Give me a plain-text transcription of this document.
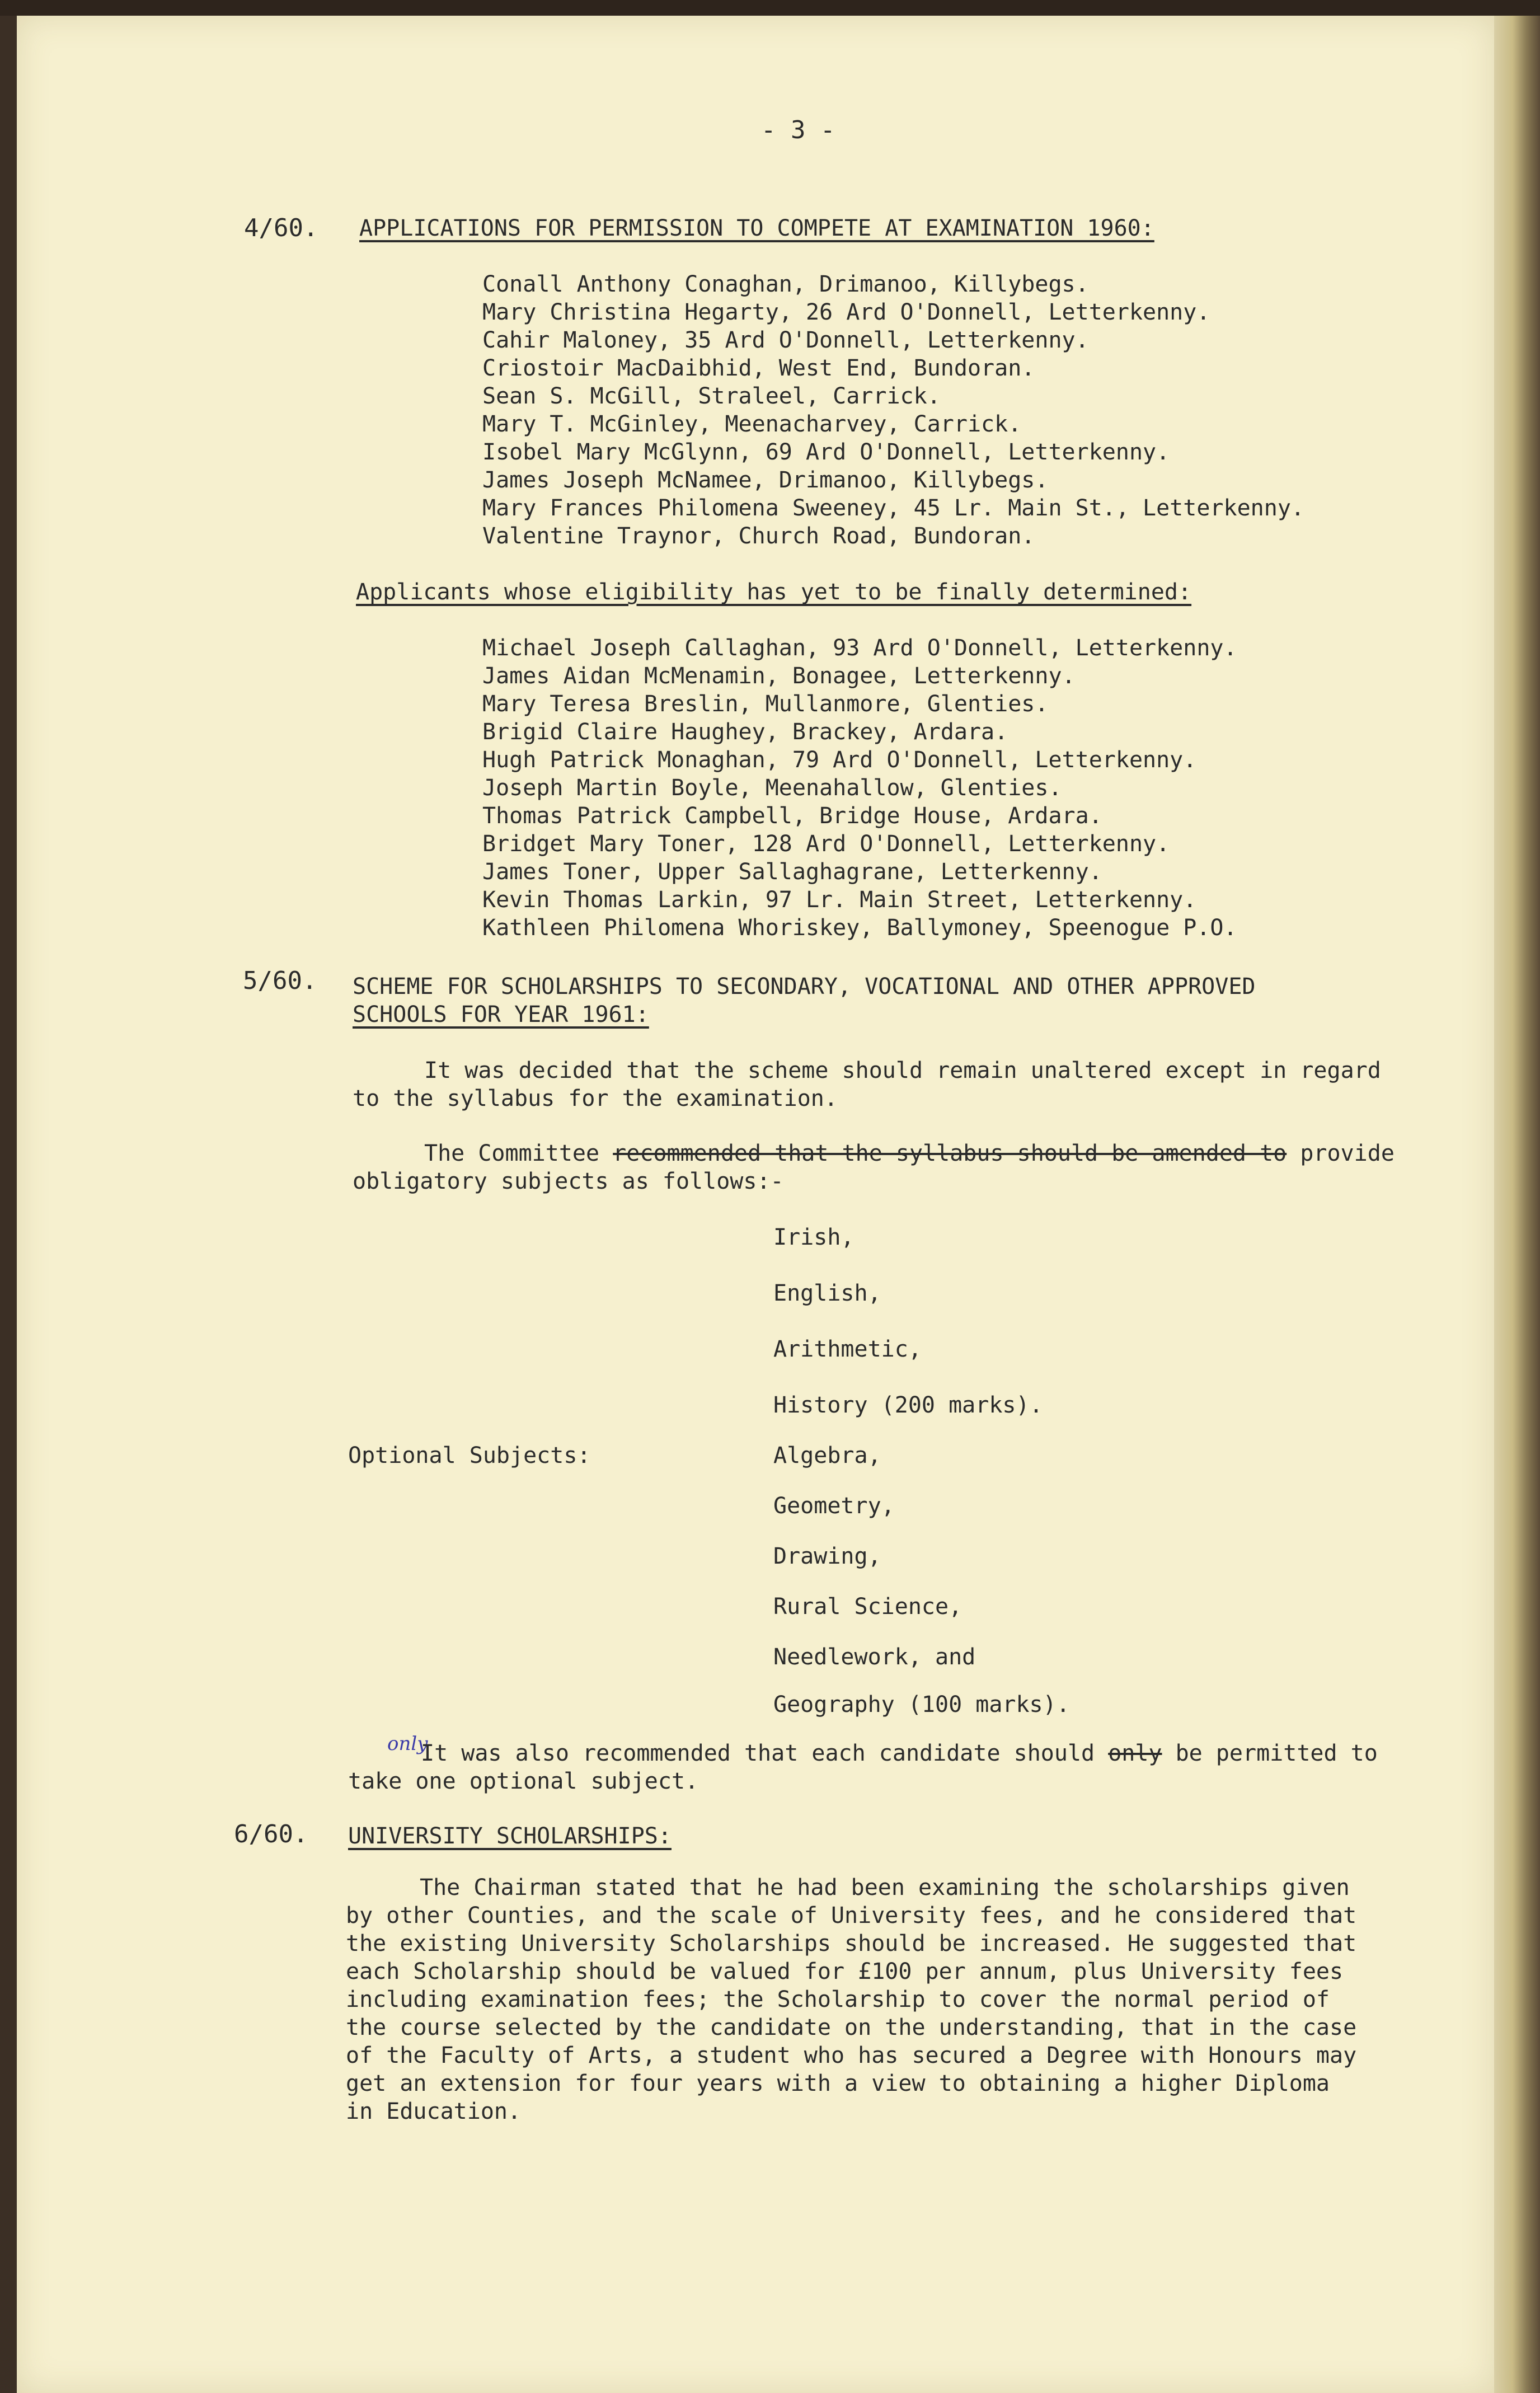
- 3 -
4/60. APPLICATIONS FOR PERMISSION TO COMPETE AT EXAMINATION 1960:
Conall Anthony Conaghan, Drimanoo, Killybegs.
Mary Christina Hegarty, 26 Ard O'Donnell, Letterkenny.
Cahir Maloney, 35 Ard O'Donnell, Letterkenny.
Criostoir MacDaibhid, West End, Bundoran.
Sean S. McGill, Straleel, Carrick.
Mary T. McGinley, Meenacharvey, Carrick.
Isobel Mary McGlynn, 69 Ard O'Donnell, Letterkenny.
James Joseph McNamee, Drimanoo, Killybegs.
Mary Frances Philomena Sweeney, 45 Lr. Main St., Letterkenny.
Valentine Traynor, Church Road, Bundoran.
Applicants whose eligibility has yet to be finally determined:
Michael Joseph Callaghan, 93 Ard O'Donnell, Letterkenny.
James Aidan McMenamin, Bonagee, Letterkenny.
Mary Teresa Breslin, Mullanmore, Glenties.
Brigid Claire Haughey, Brackey, Ardara.
Hugh Patrick Monaghan, 79 Ard O'Donnell, Letterkenny.
Joseph Martin Boyle, Meenahallow, Glenties.
Thomas Patrick Campbell, Bridge House, Ardara.
Bridget Mary Toner, 128 Ard O'Donnell, Letterkenny.
James Toner, Upper Sallaghagrane, Letterkenny.
Kevin Thomas Larkin, 97 Lr. Main Street, Letterkenny.
Kathleen Philomena Whoriskey, Ballymoney, Speenogue P.O.
5/60. SCHEME FOR SCHOLARSHIPS TO SECONDARY, VOCATIONAL AND OTHER APPROVED
SCHOOLS FOR YEAR 1961:
It was decided that the scheme should remain unaltered except in regard
to the syllabus for the examination.
The Committee recommended that the syllabus should be amended to provide
obligatory subjects as follows:-
Irish,
English,
Arithmetic,
History (200 marks).
Optional Subjects:	Algebra,
Geometry,
Drawing,
Rural Science,
Needlework, and
Geography (100 marks).
only
It was also recommended that each candidate should only be permitted to
take one optional subject.
6/60. UNIVERSITY SCHOLARSHIPS:
The Chairman stated that he had been examining the scholarships given
by other Counties, and the scale of University fees, and he considered that
the existing University Scholarships should be increased. He suggested that
each Scholarship should be valued for £100 per annum, plus University fees
including examination fees; the Scholarship to cover the normal period of
the course selected by the candidate on the understanding, that in the case
of the Faculty of Arts, a student who has secured a Degree with Honours may
get an extension for four years with a view to obtaining a higher Diploma
in Education.
